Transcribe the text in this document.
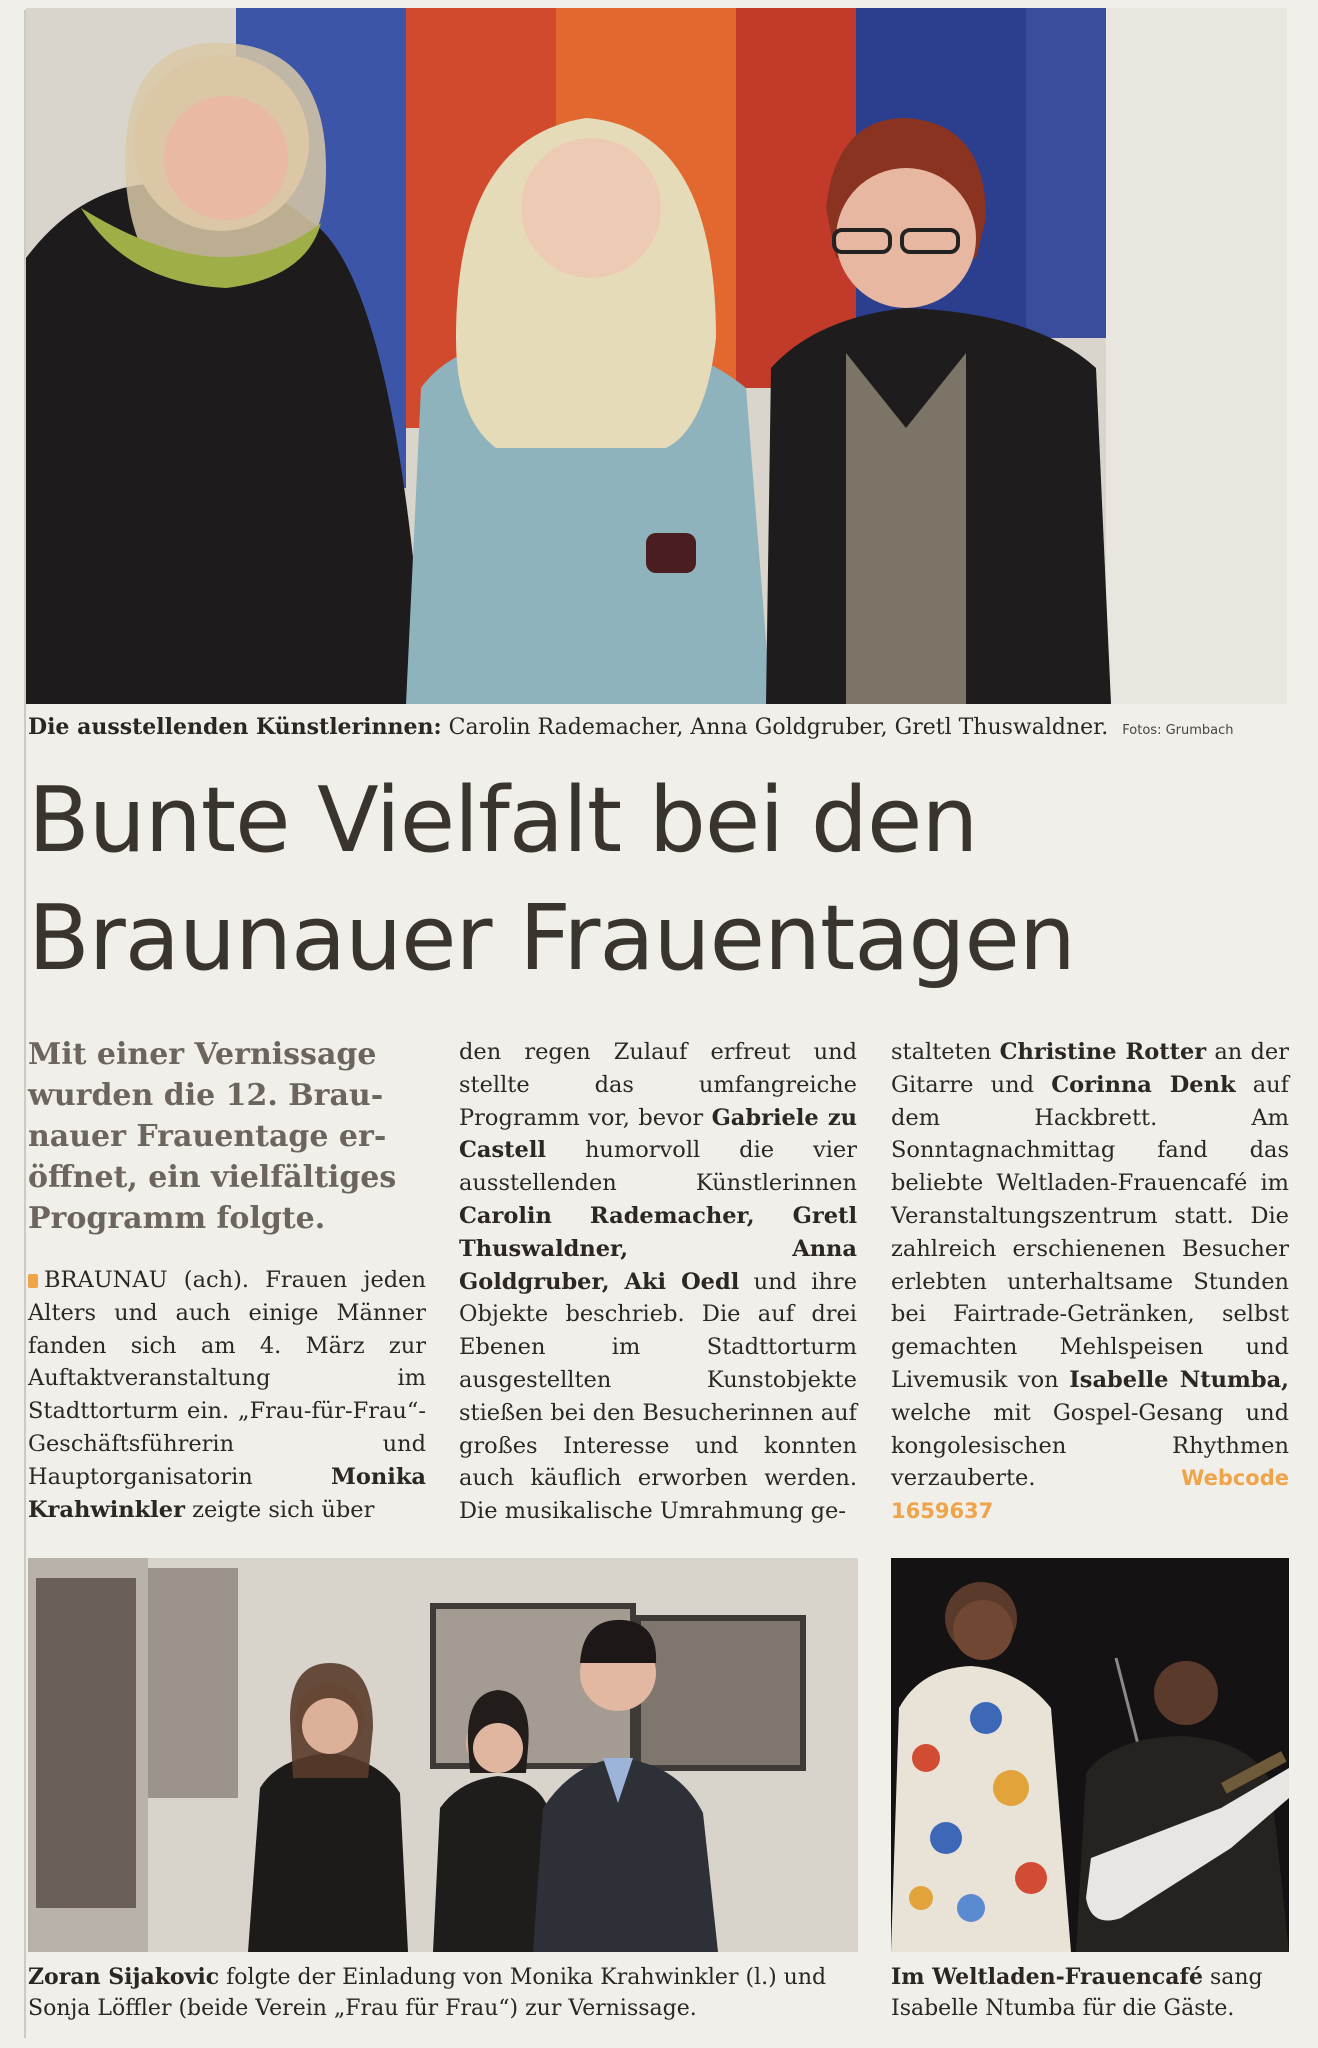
Die ausstellenden Künstlerinnen: Carolin Rademacher, Anna Goldgruber, Gretl Thuswaldner. Fotos: Grumbach
Bunte Vielfalt bei den
Braunauer Frauentagen

Mit einer Vernissage
wurden die 12. Brau-
nauer Frauentage er-
öffnet, ein vielfältiges
Programm folgte.

BRAUNAU (ach). Frauen jeden Alters und auch einige Männer fanden sich am 4. März zur Auftaktveranstaltung im Stadttorturm ein. „Frau-für-Frau“-Geschäftsführerin und Hauptorganisatorin	Monika Krahwinkler zeigte sich über

den regen Zulauf erfreut und stellte das umfangreiche Programm vor, bevor Gabriele zu Castell humorvoll die vier ausstellenden Künstlerinnen Carolin Rademacher, Gretl Thuswaldner, Anna Goldgruber, Aki Oedl und ihre Objekte beschrieb. Die auf drei Ebenen im Stadttorturm ausgestellten Kunstobjekte stießen bei den Besucherinnen auf großes Interesse und konnten auch käuflich erworben werden. Die musikalische Umrahmung ge-

stalteten Christine Rotter an der Gitarre und Corinna Denk auf dem Hackbrett. Am Sonntagnachmittag fand das beliebte Weltladen-Frauencafé im Veranstaltungszentrum statt. Die zahlreich erschienenen Besucher erlebten unterhaltsame Stunden bei Fairtrade-Getränken, selbst gemachten Mehlspeisen und Livemusik von Isabelle Ntumba, welche mit Gospel-Gesang und kongolesischen Rhythmen verzauberte.	Webcode 1659637

Zoran Sijakovic folgte der Einladung von Monika Krahwinkler (l.) und Sonja Löffler (beide Verein „Frau für Frau“) zur Vernissage.
Im Weltladen-Frauencafé sang Isabelle Ntumba für die Gäste.
